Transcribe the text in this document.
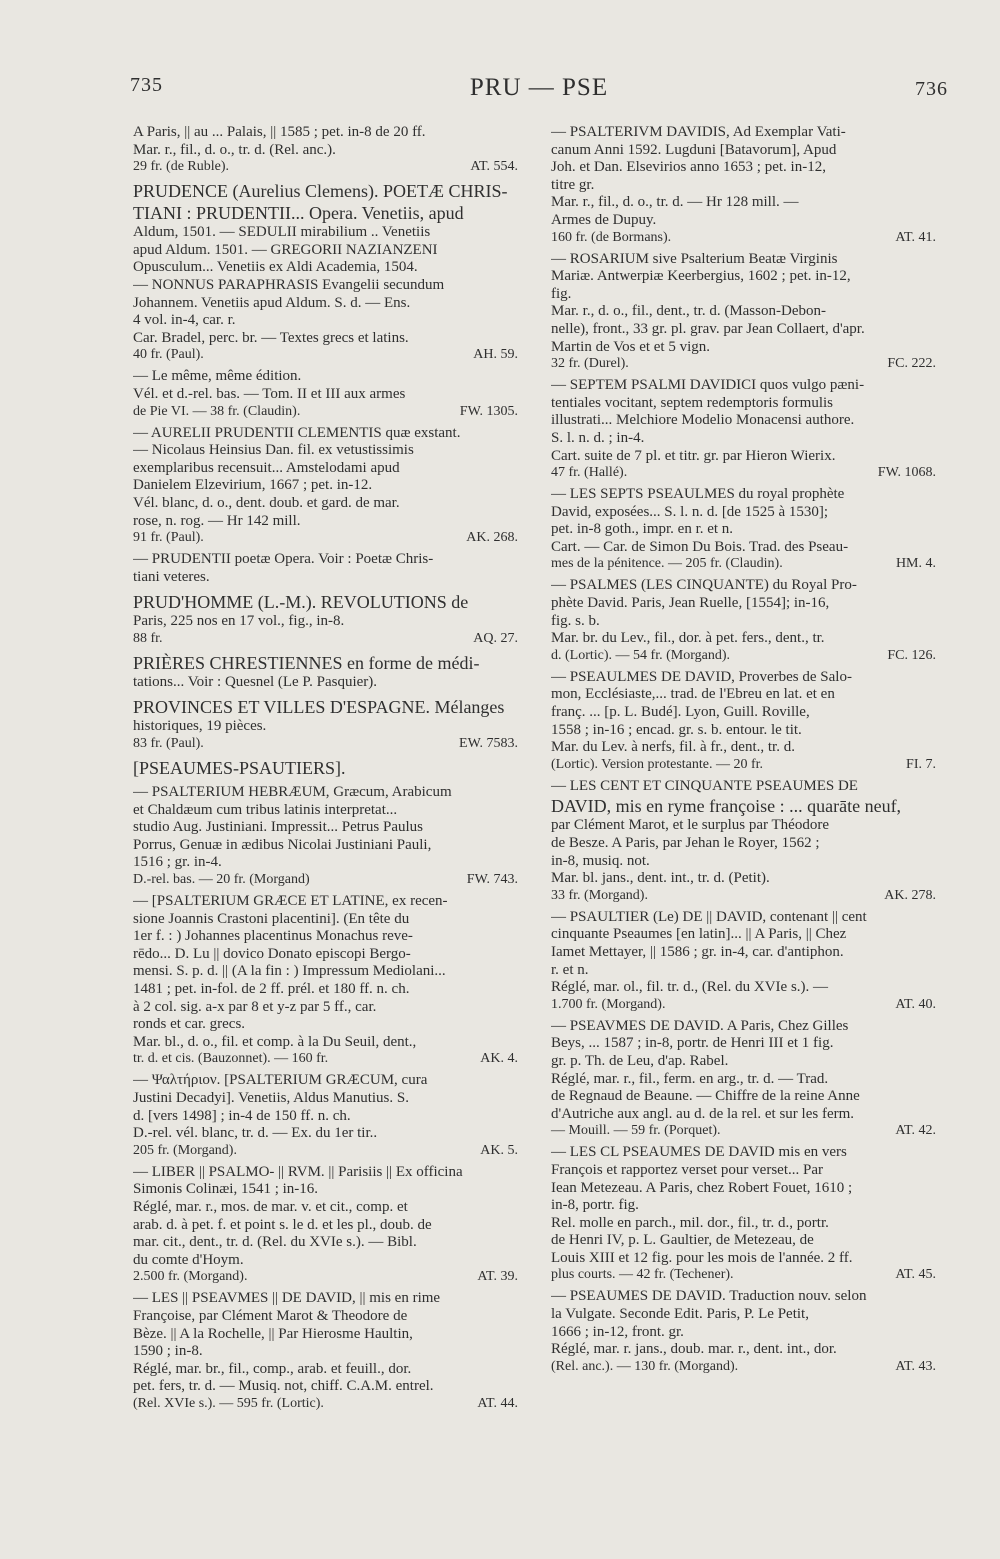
735	PRU — PSE	736
A Paris, || au ... Palais, || 1585 ; pet. in-8 de 20 ff.
Mar. r., fil., d. o., tr. d. (Rel. anc.).
29 fr. (de Ruble).	AT. 554.
PRUDENCE (Aurelius Clemens). POETÆ CHRIS-
TIANI : PRUDENTII... Opera. Venetiis, apud
Aldum, 1501. — SEDULII mirabilium .. Venetiis
apud Aldum. 1501. — GREGORII NAZIANZENI
Opusculum... Venetiis ex Aldi Academia, 1504.
— NONNUS PARAPHRASIS Evangelii secundum
Johannem. Venetiis apud Aldum. S. d. — Ens.
4 vol. in-4, car. r.
Car. Bradel, perc. br. — Textes grecs et latins.
40 fr. (Paul).	AH. 59.
— Le même, même édition.
Vél. et d.-rel. bas. — Tom. II et III aux armes
de Pie VI. — 38 fr. (Claudin).	FW. 1305.
— AURELII PRUDENTII CLEMENTIS quæ exstant.
— Nicolaus Heinsius Dan. fil. ex vetustissimis
exemplaribus recensuit... Amstelodami apud
Danielem Elzevirium, 1667 ; pet. in-12.
Vél. blanc, d. o., dent. doub. et gard. de mar.
rose, n. rog. — Hr 142 mill.
91 fr. (Paul).	AK. 268.
— PRUDENTII poetæ Opera. Voir : Poetæ Chris-
tiani veteres.
PRUD'HOMME (L.-M.). REVOLUTIONS de
Paris, 225 nos en 17 vol., fig., in-8.
88 fr.	AQ. 27.
PRIÈRES CHRESTIENNES en forme de médi-
tations... Voir : Quesnel (Le P. Pasquier).
PROVINCES ET VILLES D'ESPAGNE. Mélanges
historiques, 19 pièces.
83 fr. (Paul).	EW. 7583.
[PSEAUMES-PSAUTIERS].
— PSALTERIUM HEBRÆUM, Græcum, Arabicum
et Chaldæum cum tribus latinis interpretat...
studio Aug. Justiniani. Impressit... Petrus Paulus
Porrus, Genuæ in ædibus Nicolai Justiniani Pauli,
1516 ; gr. in-4.
D.-rel. bas. — 20 fr. (Morgand)	FW. 743.
— [PSALTERIUM GRÆCE ET LATINE, ex recen-
sione Joannis Crastoni placentini]. (En tête du
1er f. : ) Johannes placentinus Monachus reve-
rēdo... D. Lu || dovico Donato episcopi Bergo-
mensi. S. p. d. || (A la fin : ) Impressum Mediolani...
1481 ; pet. in-fol. de 2 ff. prél. et 180 ff. n. ch.
à 2 col. sig. a-x par 8 et y-z par 5 ff., car.
ronds et car. grecs.
Mar. bl., d. o., fil. et comp. à la Du Seuil, dent.,
tr. d. et cis. (Bauzonnet). — 160 fr.	AK. 4.
— Ψαλτήριον. [PSALTERIUM GRÆCUM, cura
Justini Decadyi]. Venetiis, Aldus Manutius. S.
d. [vers 1498] ; in-4 de 150 ff. n. ch.
D.-rel. vél. blanc, tr. d. — Ex. du 1er tir..
205 fr. (Morgand).	AK. 5.
— LIBER || PSALMO- || RVM. || Parisiis || Ex officina
Simonis Colinæi, 1541 ; in-16.
Réglé, mar. r., mos. de mar. v. et cit., comp. et
arab. d. à pet. f. et point s. le d. et les pl., doub. de
mar. cit., dent., tr. d. (Rel. du XVIe s.). — Bibl.
du comte d'Hoym.
2.500 fr. (Morgand).	AT. 39.
— LES || PSEAVMES || DE DAVID, || mis en rime
Françoise, par Clément Marot & Theodore de
Bèze. || A la Rochelle, || Par Hierosme Haultin,
1590 ; in-8.
Réglé, mar. br., fil., comp., arab. et feuill., dor.
pet. fers, tr. d. — Musiq. not, chiff. C.A.M. entrel.
(Rel. XVIe s.). — 595 fr. (Lortic).	AT. 44.
— PSALTERIVM DAVIDIS, Ad Exemplar Vati-
canum Anni 1592. Lugduni [Batavorum], Apud
Joh. et Dan. Elsevirios anno 1653 ; pet. in-12,
titre gr.
Mar. r., fil., d. o., tr. d. — Hr 128 mill. —
Armes de Dupuy.
160 fr. (de Bormans).	AT. 41.
— ROSARIUM sive Psalterium Beatæ Virginis
Mariæ. Antwerpiæ Keerbergius, 1602 ; pet. in-12,
fig.
Mar. r., d. o., fil., dent., tr. d. (Masson-Debon-
nelle), front., 33 gr. pl. grav. par Jean Collaert, d'apr.
Martin de Vos et et 5 vign.
32 fr. (Durel).	FC. 222.
— SEPTEM PSALMI DAVIDICI quos vulgo pæni-
tentiales vocitant, septem redemptoris formulis
illustrati... Melchiore Modelio Monacensi authore.
S. l. n. d. ; in-4.
Cart. suite de 7 pl. et titr. gr. par Hieron Wierix.
47 fr. (Hallé).	FW. 1068.
— LES SEPTS PSEAULMES du royal prophète
David, exposées... S. l. n. d. [de 1525 à 1530];
pet. in-8 goth., impr. en r. et n.
Cart. — Car. de Simon Du Bois. Trad. des Pseau-
mes de la pénitence. — 205 fr. (Claudin).	HM. 4.
— PSALMES (LES CINQUANTE) du Royal Pro-
phète David. Paris, Jean Ruelle, [1554]; in-16,
fig. s. b.
Mar. br. du Lev., fil., dor. à pet. fers., dent., tr.
d. (Lortic). — 54 fr. (Morgand).	FC. 126.
— PSEAULMES DE DAVID, Proverbes de Salo-
mon, Ecclésiaste,... trad. de l'Ebreu en lat. et en
franç. ... [p. L. Budé]. Lyon, Guill. Roville,
1558 ; in-16 ; encad. gr. s. b. entour. le tit.
Mar. du Lev. à nerfs, fil. à fr., dent., tr. d.
(Lortic). Version protestante. — 20 fr.	FI. 7.
— LES CENT ET CINQUANTE PSEAUMES DE
DAVID, mis en ryme françoise : ... quarāte neuf,
par Clément Marot, et le surplus par Théodore
de Besze. A Paris, par Jehan le Royer, 1562 ;
in-8, musiq. not.
Mar. bl. jans., dent. int., tr. d. (Petit).
33 fr. (Morgand).	AK. 278.
— PSAULTIER (Le) DE || DAVID, contenant || cent
cinquante Pseaumes [en latin]... || A Paris, || Chez
Iamet Mettayer, || 1586 ; gr. in-4, car. d'antiphon.
r. et n.
Réglé, mar. ol., fil. tr. d., (Rel. du XVIe s.). —
1.700 fr. (Morgand).	AT. 40.
— PSEAVMES DE DAVID. A Paris, Chez Gilles
Beys, ... 1587 ; in-8, portr. de Henri III et 1 fig.
gr. p. Th. de Leu, d'ap. Rabel.
Réglé, mar. r., fil., ferm. en arg., tr. d. — Trad.
de Regnaud de Beaune. — Chiffre de la reine Anne
d'Autriche aux angl. au d. de la rel. et sur les ferm.
— Mouill. — 59 fr. (Porquet).	AT. 42.
— LES CL PSEAUMES DE DAVID mis en vers
François et rapportez verset pour verset... Par
Iean Metezeau. A Paris, chez Robert Fouet, 1610 ;
in-8, portr. fig.
Rel. molle en parch., mil. dor., fil., tr. d., portr.
de Henri IV, p. L. Gaultier, de Metezeau, de
Louis XIII et 12 fig. pour les mois de l'année. 2 ff.
plus courts. — 42 fr. (Techener).	AT. 45.
— PSEAUMES DE DAVID. Traduction nouv. selon
la Vulgate. Seconde Edit. Paris, P. Le Petit,
1666 ; in-12, front. gr.
Réglé, mar. r. jans., doub. mar. r., dent. int., dor.
(Rel. anc.). — 130 fr. (Morgand).	AT. 43.
